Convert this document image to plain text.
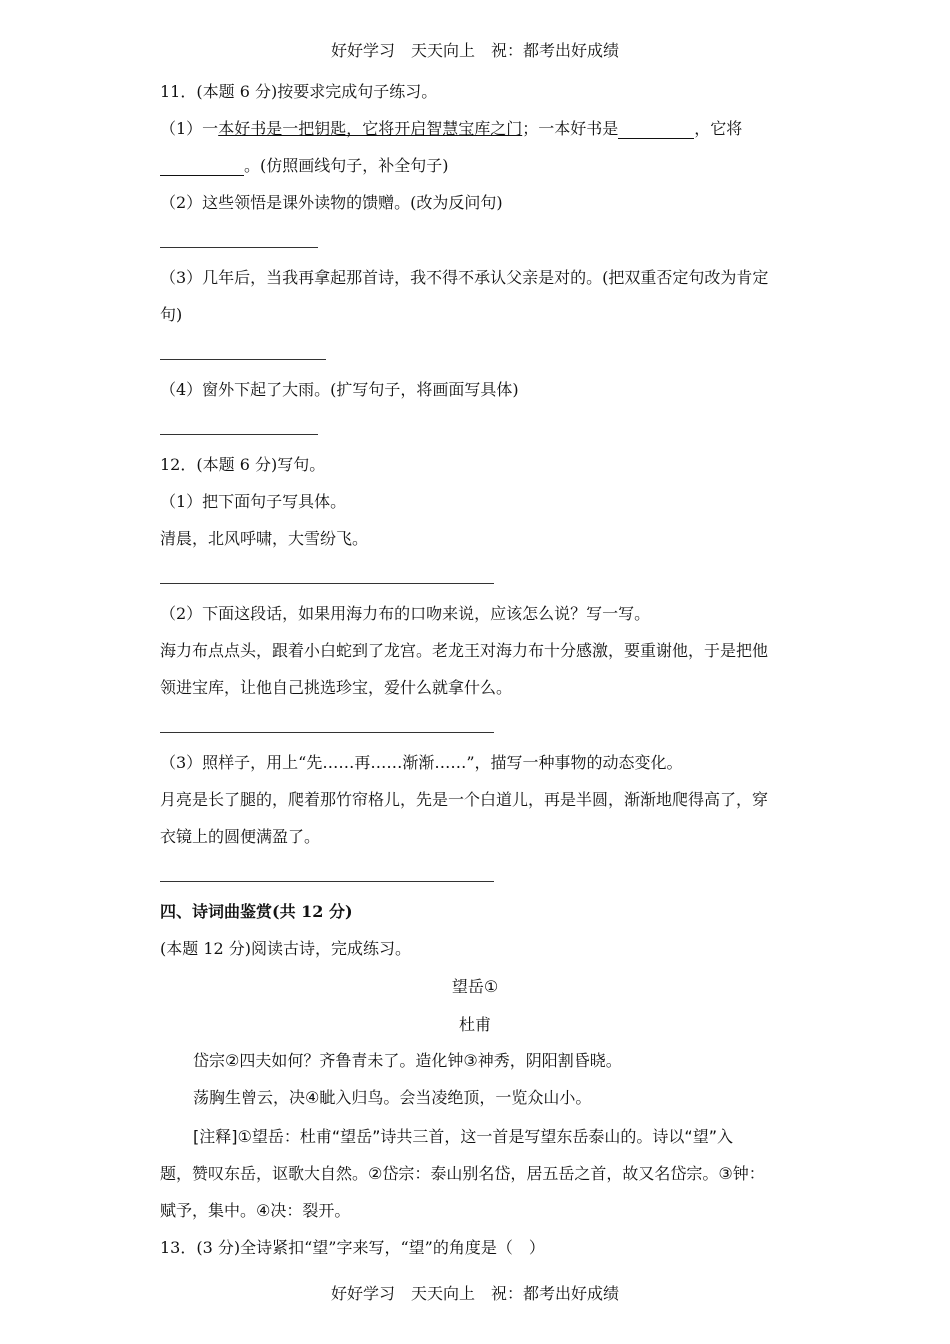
好好学习　天天向上　祝：都考出好成绩
11．(本题 6 分)按要求完成句子练习。
（1）一本好书是一把钥匙，它将开启智慧宝库之门；一本好书是	，它将
。(仿照画线句子，补全句子)
（2）这些领悟是课外读物的馈赠。(改为反问句)
（3）几年后，当我再拿起那首诗，我不得不承认父亲是对的。(把双重否定句改为肯定
句)
（4）窗外下起了大雨。(扩写句子，将画面写具体)
12．(本题 6 分)写句。
（1）把下面句子写具体。
清晨，北风呼啸，大雪纷飞。
（2）下面这段话，如果用海力布的口吻来说，应该怎么说？写一写。
海力布点点头，跟着小白蛇到了龙宫。老龙王对海力布十分感激，要重谢他，于是把他
领进宝库，让他自己挑选珍宝，爱什么就拿什么。
（3）照样子，用上“先……再……渐渐……”，描写一种事物的动态变化。
月亮是长了腿的，爬着那竹帘格儿，先是一个白道儿，再是半圆，渐渐地爬得高了，穿
衣镜上的圆便满盈了。
四、诗词曲鉴赏(共 12 分)
(本题 12 分)阅读古诗，完成练习。
望岳①
杜甫
岱宗②四夫如何？齐鲁青未了。造化钟③神秀，阴阳割昏晓。
荡胸生曾云，决④眦入归鸟。会当凌绝顶，一览众山小。
[注释]①望岳：杜甫“望岳”诗共三首，这一首是写望东岳泰山的。诗以“望”入
题，赞叹东岳，讴歌大自然。②岱宗：泰山别名岱，居五岳之首，故又名岱宗。③钟：
赋予，集中。④决：裂开。
13．(3 分)全诗紧扣“望”字来写，“望”的角度是（　）
好好学习　天天向上　祝：都考出好成绩
